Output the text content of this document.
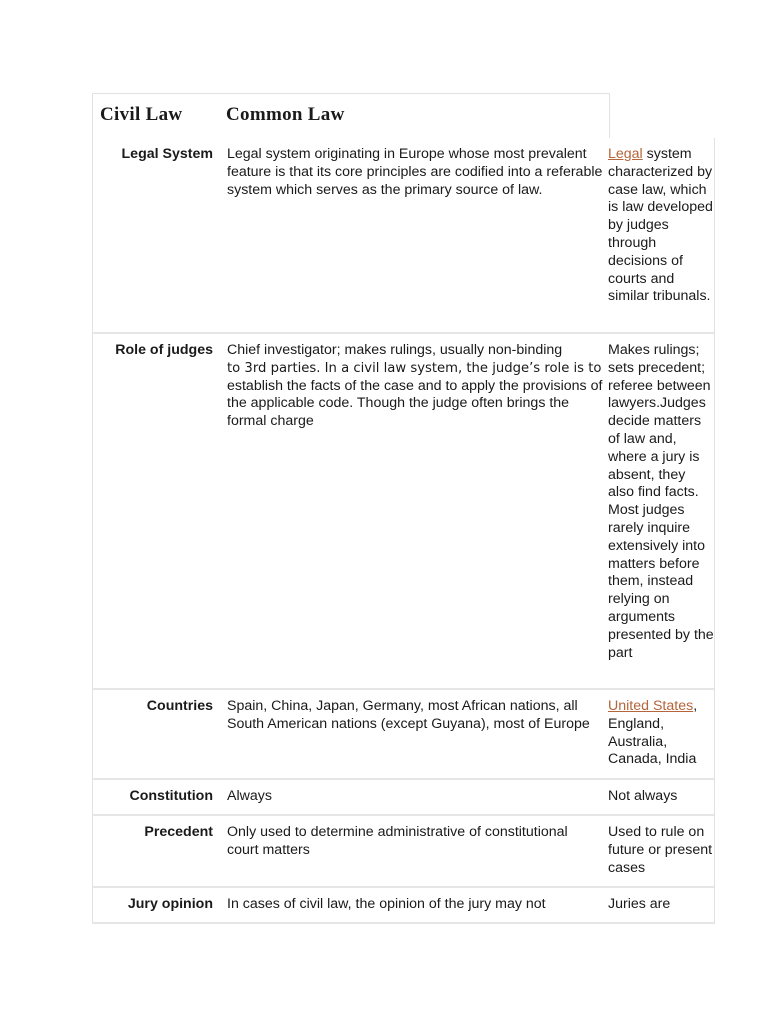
Civil Law Common Law
Legal System Legal system originating in Europe whose most prevalent feature is that its core principles are codified into a referable system which serves as the primary source of law.
Legal system characterized by case law, which is law developed by judges through decisions of courts and similar tribunals.
Role of judges Chief investigator; makes rulings, usually non-binding
to 3rd parties. In a civil law system, the judge’s role is to
establish the facts of the case and to apply the provisions of the applicable code. Though the judge often brings the formal charge
Makes rulings; sets precedent; referee between lawyers.Judges decide matters of law and, where a jury is absent, they also find facts. Most judges rarely inquire extensively into matters before them, instead relying on arguments presented by the part
Countries Spain, China, Japan, Germany, most African nations, all South American nations (except Guyana), most of Europe
United States, England, Australia, Canada, India
Constitution Always	Not always
Precedent Only used to determine administrative of constitutional court matters
Used to rule on future or present cases
Jury opinion In cases of civil law, the opinion of the jury may not	Juries are
